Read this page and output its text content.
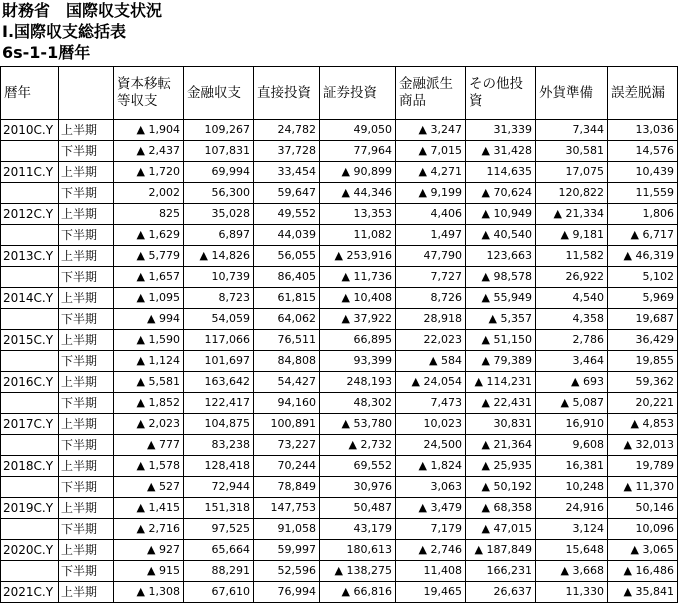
財務省　国際収支状況
Ⅰ.国際収支総括表
6s-1-1暦年
暦年		資本移転等収支	金融収支	直接投資	証券投資	金融派生商品	その他投資	外貨準備	誤差脱漏
2010C.Y	上半期	▲ 1,904	109,267	24,782	49,050	▲ 3,247	31,339	7,344	13,036
	下半期	▲ 2,437	107,831	37,728	77,964	▲ 7,015	▲ 31,428	30,581	14,576
2011C.Y	上半期	▲ 1,720	69,994	33,454	▲ 90,899	▲ 4,271	114,635	17,075	10,439
	下半期	2,002	56,300	59,647	▲ 44,346	▲ 9,199	▲ 70,624	120,822	11,559
2012C.Y	上半期	825	35,028	49,552	13,353	4,406	▲ 10,949	▲ 21,334	1,806
	下半期	▲ 1,629	6,897	44,039	11,082	1,497	▲ 40,540	▲ 9,181	▲ 6,717
2013C.Y	上半期	▲ 5,779	▲ 14,826	56,055	▲ 253,916	47,790	123,663	11,582	▲ 46,319
	下半期	▲ 1,657	10,739	86,405	▲ 11,736	7,727	▲ 98,578	26,922	5,102
2014C.Y	上半期	▲ 1,095	8,723	61,815	▲ 10,408	8,726	▲ 55,949	4,540	5,969
	下半期	▲ 994	54,059	64,062	▲ 37,922	28,918	▲ 5,357	4,358	19,687
2015C.Y	上半期	▲ 1,590	117,066	76,511	66,895	22,023	▲ 51,150	2,786	36,429
	下半期	▲ 1,124	101,697	84,808	93,399	▲ 584	▲ 79,389	3,464	19,855
2016C.Y	上半期	▲ 5,581	163,642	54,427	248,193	▲ 24,054	▲ 114,231	▲ 693	59,362
	下半期	▲ 1,852	122,417	94,160	48,302	7,473	▲ 22,431	▲ 5,087	20,221
2017C.Y	上半期	▲ 2,023	104,875	100,891	▲ 53,780	10,023	30,831	16,910	▲ 4,853
	下半期	▲ 777	83,238	73,227	▲ 2,732	24,500	▲ 21,364	9,608	▲ 32,013
2018C.Y	上半期	▲ 1,578	128,418	70,244	69,552	▲ 1,824	▲ 25,935	16,381	19,789
	下半期	▲ 527	72,944	78,849	30,976	3,063	▲ 50,192	10,248	▲ 11,370
2019C.Y	上半期	▲ 1,415	151,318	147,753	50,487	▲ 3,479	▲ 68,358	24,916	50,146
	下半期	▲ 2,716	97,525	91,058	43,179	7,179	▲ 47,015	3,124	10,096
2020C.Y	上半期	▲ 927	65,664	59,997	180,613	▲ 2,746	▲ 187,849	15,648	▲ 3,065
	下半期	▲ 915	88,291	52,596	▲ 138,275	11,408	166,231	▲ 3,668	▲ 16,486
2021C.Y	上半期	▲ 1,308	67,610	76,994	▲ 66,816	19,465	26,637	11,330	▲ 35,841
